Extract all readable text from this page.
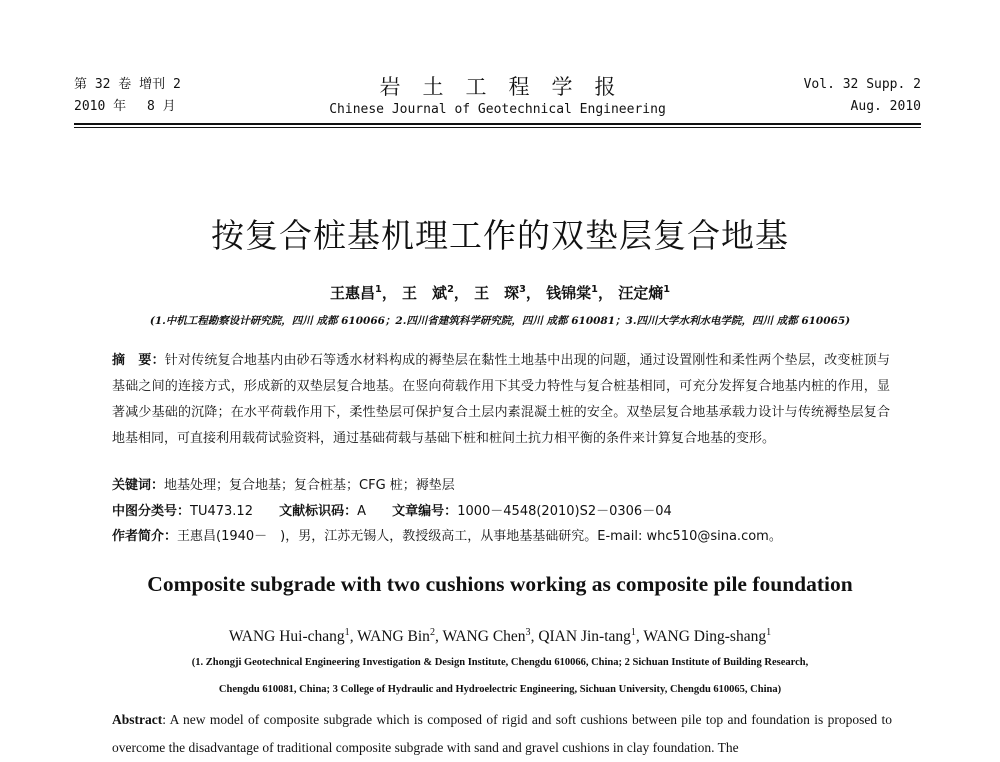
第 32 卷 增刊 2
2010 年　 8 月
岩土工程学报
Chinese Journal of Geotechnical Engineering
Vol. 32 Supp. 2
Aug. 2010
按复合桩基机理工作的双垫层复合地基
王惠昌$^1$， 王　斌$^2$， 王　琛$^3$， 钱锦棠$^1$， 汪定熵$^1$
(1.中机工程勘察设计研究院，四川 成都 610066；2.四川省建筑科学研究院，四川 成都 610081；3.四川大学水利水电学院，四川 成都 610065)
摘　要：针对传统复合地基内由砂石等透水材料构成的褥垫层在黏性土地基中出现的问题，通过设置刚性和柔性两个垫层，改变桩顶与基础之间的连接方式，形成新的双垫层复合地基。在竖向荷载作用下其受力特性与复合桩基相同，可充分发挥复合地基内桩的作用，显著减少基础的沉降；在水平荷载作用下，柔性垫层可保护复合土层内素混凝土桩的安全。双垫层复合地基承载力设计与传统褥垫层复合地基相同，可直接利用载荷试验资料，通过基础荷载与基础下桩和桩间土抗力相平衡的条件来计算复合地基的变形。
关键词：地基处理；复合地基；复合桩基；CFG 桩；褥垫层
中图分类号：TU473.12 文献标识码：A 文章编号：1000－4548(2010)S2－0306－04
作者简介：王惠昌(1940－　)，男，江苏无锡人，教授级高工，从事地基基础研究。E-mail: whc510@sina.com。
Composite subgrade with two cushions working as composite pile foundation
WANG Hui-chang$^1$, WANG Bin$^2$, WANG Chen$^3$, QIAN Jin-tang$^1$, WANG Ding-shang$^1$
(1. Zhongji Geotechnical Engineering Investigation & Design Institute, Chengdu 610066, China; 2 Sichuan Institute of Building Research,
Chengdu 610081, China; 3 College of Hydraulic and Hydroelectric Engineering, Sichuan University, Chengdu 610065, China)
Abstract: A new model of composite subgrade which is composed of rigid and soft cushions between pile top and foundation is proposed to overcome the disadvantage of traditional composite subgrade with sand and gravel cushions in clay foundation. The
